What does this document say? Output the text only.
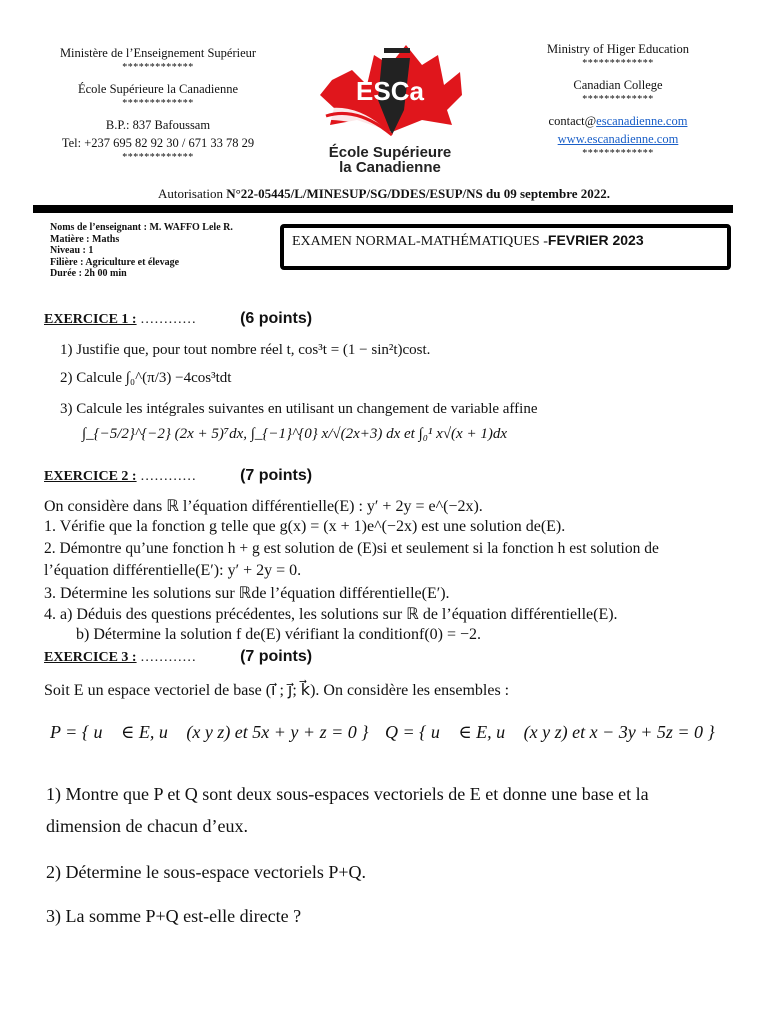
Ministère de l’Enseignement Supérieur
*************
École Supérieure la Canadienne
*************
B.P.: 837 Bafoussam
Tel: +237 695 82 92 30 / 671 33 78 29
*************
ESCa
École Supérieure
la Canadienne
Ministry of Higer Education
*************
Canadian College
*************
contact@escanadienne.com
www.escanadienne.com
*************
Autorisation N°22-05445/L/MINESUP/SG/DDES/ESUP/NS du 09 septembre 2022.
Noms de l’enseignant : M. WAFFO Lele R.
Matière : Maths
Niveau : 1
Filière : Agriculture et élevage
Durée : 2h 00 min
EXAMEN NORMAL-MATHÉMATIQUES -FEVRIER 2023
EXERCICE 1 : …………	(6 points)
1) Justifie que, pour tout nombre réel t, cos³t = (1 − sin²t)cost.
2) Calcule ∫₀^(π/3) −4cos³tdt
3) Calcule les intégrales suivantes en utilisant un changement de variable affine
∫_{−5/2}^{−2} (2x + 5)⁷dx, ∫_{−1}^{0} x/√(2x+3) dx et ∫₀¹ x√(x + 1)dx
EXERCICE 2 : …………	(7 points)
On considère dans ℝ l’équation différentielle(E) : y′ + 2y = e^(−2x).
1. Vérifie que la fonction g telle que g(x) = (x + 1)e^(−2x) est une solution de(E).
2. Démontre qu’une fonction h + g est solution de (E)si et seulement si la fonction h est solution de
l’équation différentielle(E′): y′ + 2y = 0.
3. Détermine les solutions sur ℝde l’équation différentielle(E′).
4. a) Déduis des questions précédentes, les solutions sur ℝ de l’équation différentielle(E).
b) Détermine la solution f de(E) vérifiant la conditionf(0) = −2.
EXERCICE 3 : …………	(7 points)
Soit E un espace vectoriel de base (i⃗ ; j⃗; k⃗). On considère les ensembles :
P = { u⃗ ∈ E, u⃗ (x y z) et 5x + y + z = 0 } Q = { u⃗ ∈ E, u⃗ (x y z) et x − 3y + 5z = 0 }
1) Montre que P et Q sont deux sous-espaces vectoriels de E et donne une base et la
dimension de chacun d’eux.
2) Détermine le sous-espace vectoriels P+Q.
3) La somme P+Q est-elle directe ?
